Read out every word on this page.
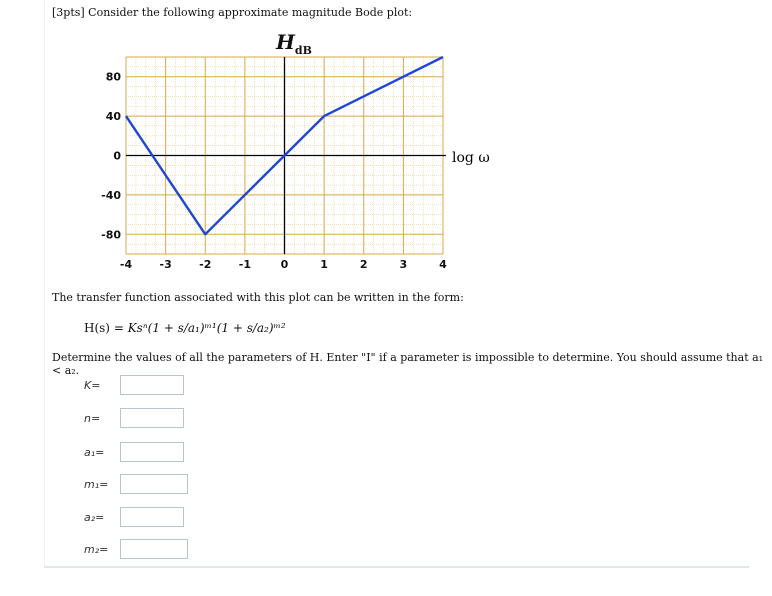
[3pts] Consider the following approximate magnitude Bode plot:
$H_{dB}$
-4 -3 -2 -1	0	1	2	3	4
80
40
0
-40
-80
log ω
The transfer function associated with this plot can be written in the form:
H(s) = Ksⁿ(1 + s/a₁)ᵐ¹(1 + s/a₂)ᵐ²
Determine the values of all the parameters of H. Enter "I" if a parameter is impossible to determine. You should assume that a₁ < a₂.
K=
n=
a₁=
m₁=
a₂=
m₂=
